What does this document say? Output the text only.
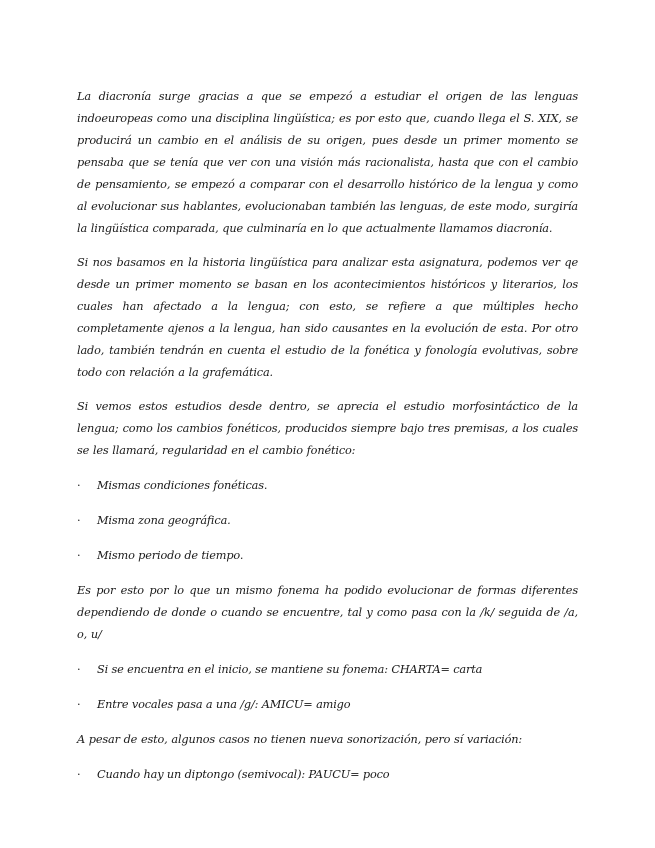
La diacronía surge gracias a que se empezó a estudiar el origen de las lenguas indoeuropeas como una disciplina lingüística; es por esto que, cuando llega el S. XIX, se producirá un cambio en el análisis de su origen, pues desde un primer momento se pensaba que se tenía que ver con una visión más racionalista, hasta que con el cambio de pensamiento, se empezó a comparar con el desarrollo histórico de la lengua y como al evolucionar sus hablantes, evolucionaban también las lenguas, de este modo, surgiría la lingüística comparada, que culminaría en lo que actualmente llamamos diacronía.

Si nos basamos en la historia lingüística para analizar esta asignatura, podemos ver qe desde un primer momento se basan en los acontecimientos históricos y literarios, los cuales han afectado a la lengua; con esto, se refiere a que múltiples hecho completamente ajenos a la lengua, han sido causantes en la evolución de esta. Por otro lado, también tendrán en cuenta el estudio de la fonética y fonología evolutivas, sobre todo con relación a la grafemática.

Si vemos estos estudios desde dentro, se aprecia el estudio morfosintáctico de la lengua; como los cambios fonéticos, producidos siempre bajo tres premisas, a los cuales se les llamará, regularidad en el cambio fonético:

·	Mismas condiciones fonéticas.
·	Misma zona geográfica.
·	Mismo periodo de tiempo.

Es por esto por lo que un mismo fonema ha podido evolucionar de formas diferentes dependiendo de donde o cuando se encuentre, tal y como pasa con la /k/ seguida de /a, o, u/

·	Si se encuentra en el inicio, se mantiene su fonema: CHARTA= carta
·	Entre vocales pasa a una /g/: AMICU= amigo

A pesar de esto, algunos casos no tienen nueva sonorización, pero sí variación:

·	Cuando hay un diptongo (semivocal): PAUCU= poco
